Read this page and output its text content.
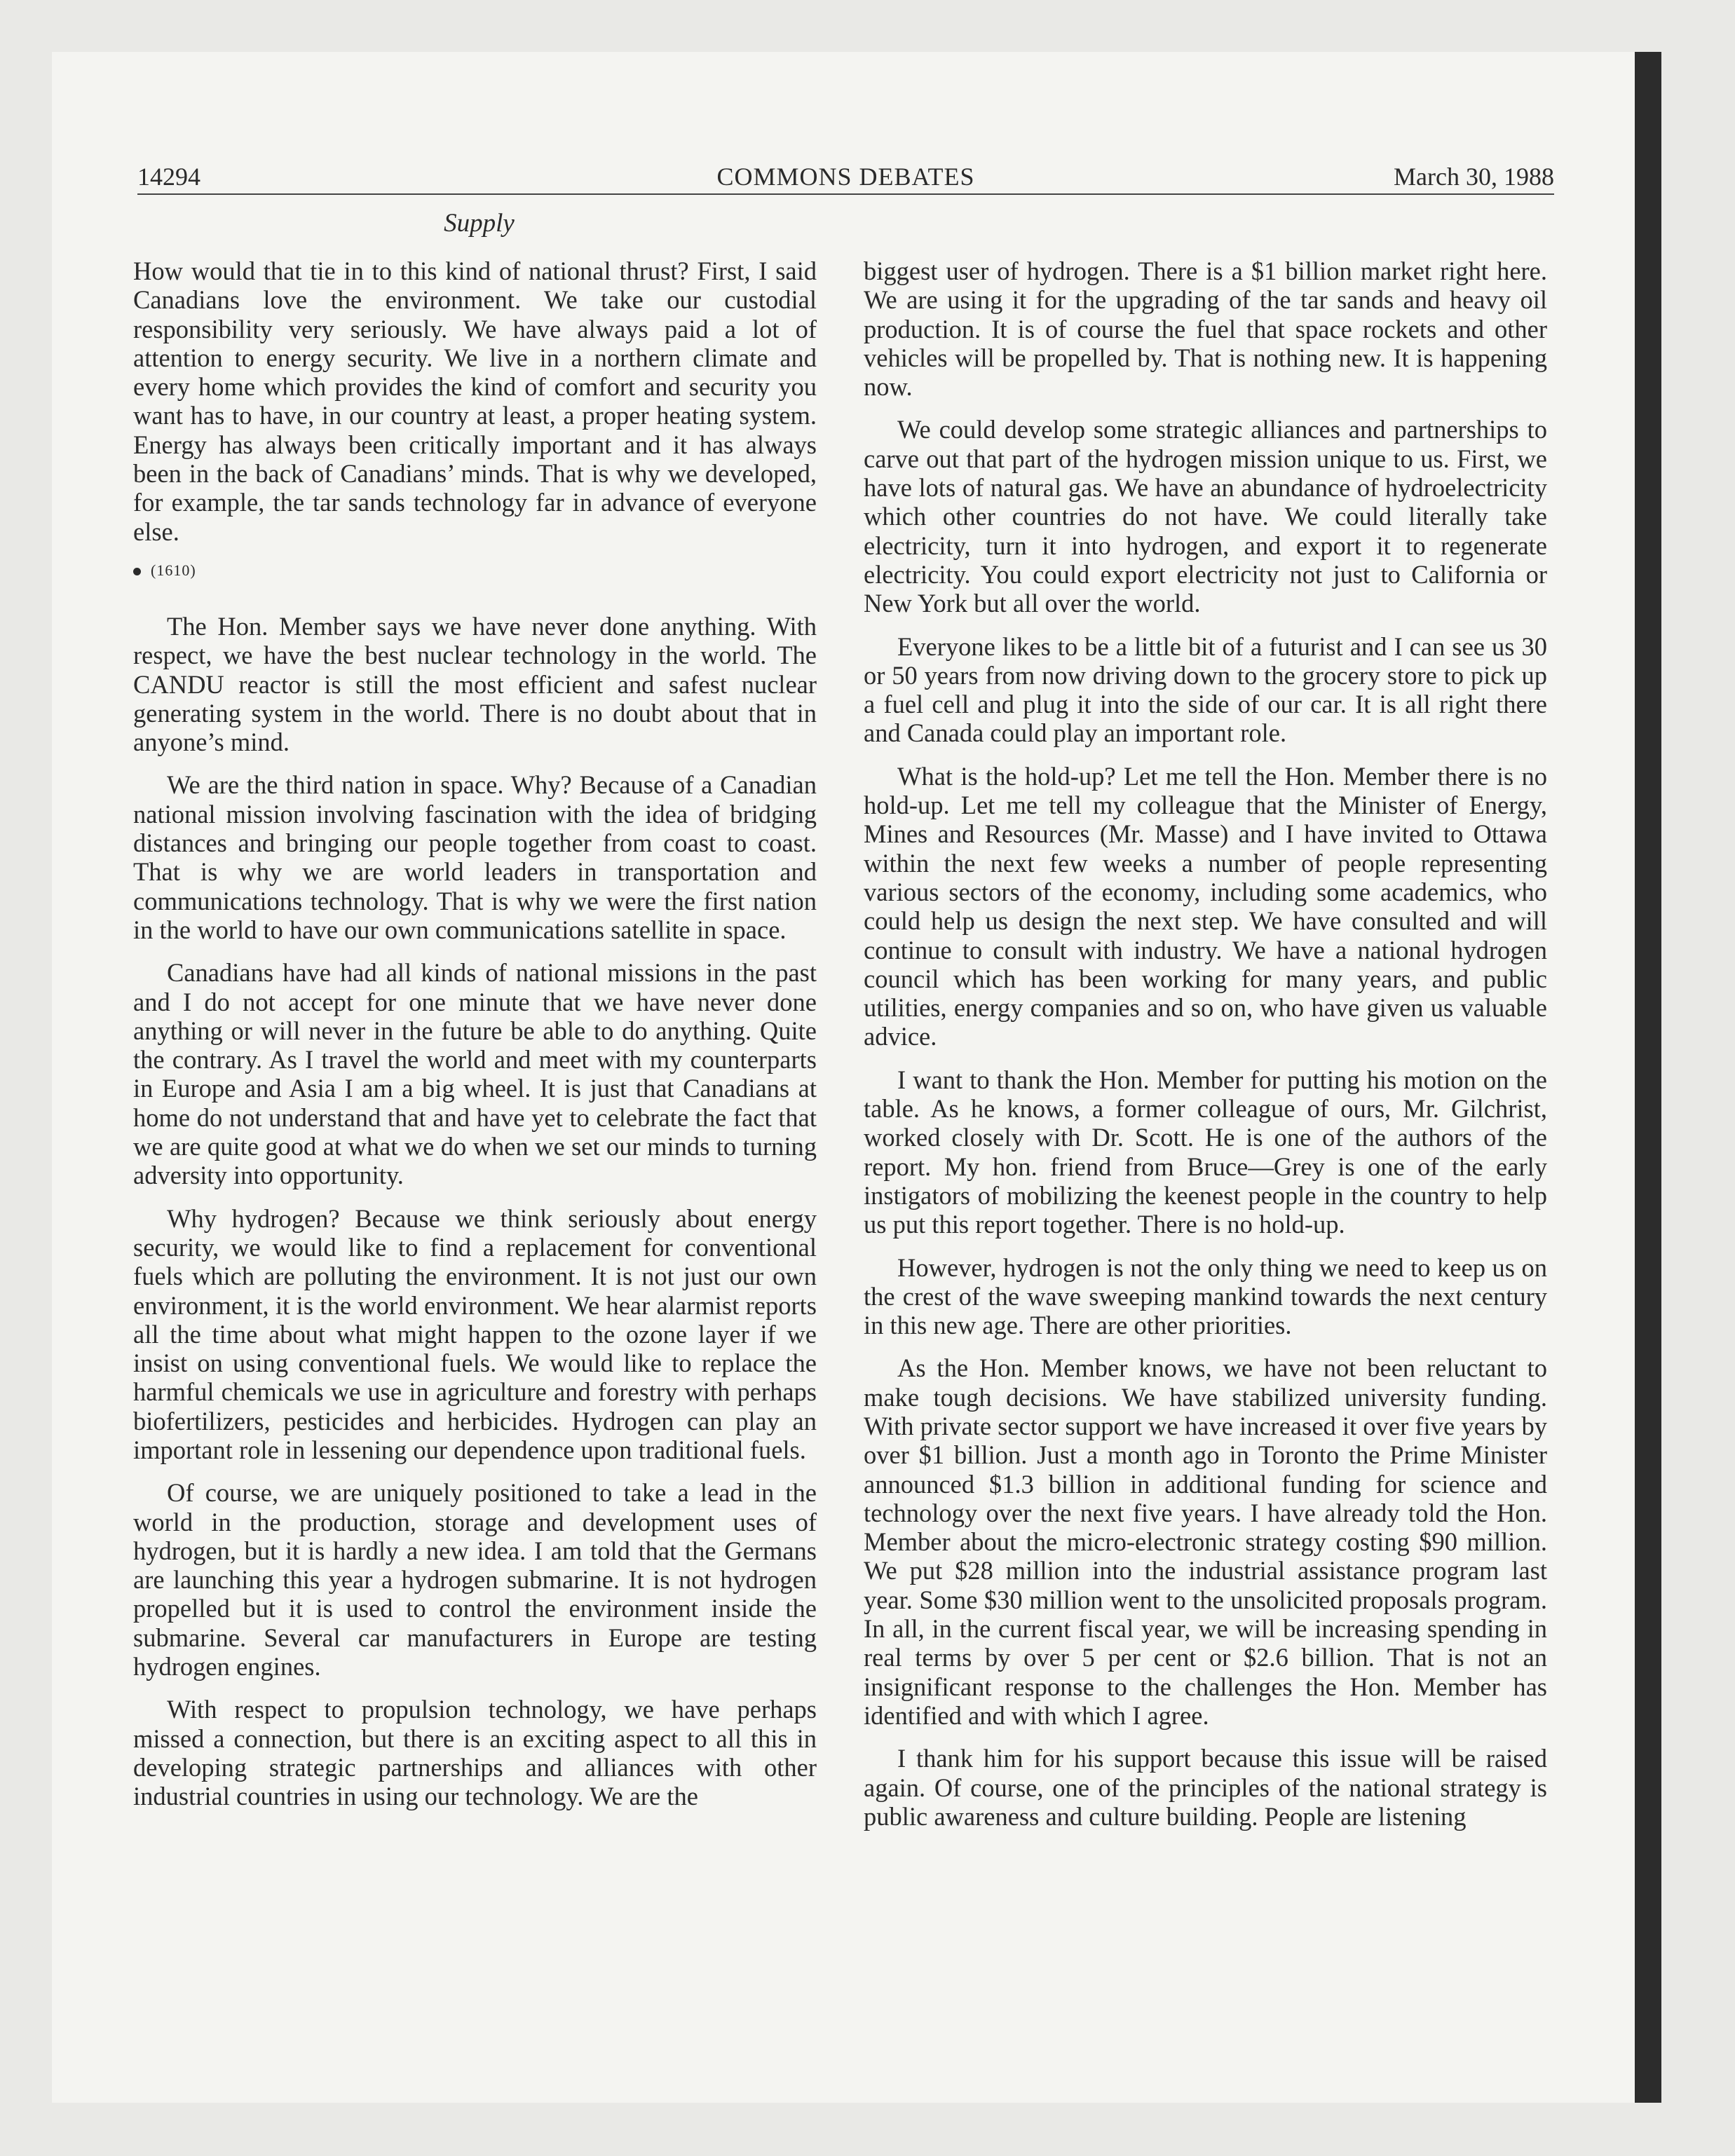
14294	COMMONS DEBATES	March 30, 1988
Supply

How would that tie in to this kind of national thrust? First, I said Canadians love the environment. We take our custodial responsibility very seriously. We have always paid a lot of attention to energy security. We live in a northern climate and every home which provides the kind of comfort and security you want has to have, in our country at least, a proper heating system. Energy has always been critically important and it has always been in the back of Canadians’ minds. That is why we developed, for example, the tar sands technology far in advance of everyone else.

(1610)

The Hon. Member says we have never done anything. With respect, we have the best nuclear technology in the world. The CANDU reactor is still the most efficient and safest nuclear generating system in the world. There is no doubt about that in anyone’s mind.

We are the third nation in space. Why? Because of a Canadian national mission involving fascination with the idea of bridging distances and bringing our people together from coast to coast. That is why we are world leaders in transportation and communications technology. That is why we were the first nation in the world to have our own communications satellite in space.

Canadians have had all kinds of national missions in the past and I do not accept for one minute that we have never done anything or will never in the future be able to do anything. Quite the contrary. As I travel the world and meet with my counterparts in Europe and Asia I am a big wheel. It is just that Canadians at home do not understand that and have yet to celebrate the fact that we are quite good at what we do when we set our minds to turning adversity into opportunity.

Why hydrogen? Because we think seriously about energy security, we would like to find a replacement for conventional fuels which are polluting the environment. It is not just our own environment, it is the world environment. We hear alarmist reports all the time about what might happen to the ozone layer if we insist on using conventional fuels. We would like to replace the harmful chemicals we use in agriculture and forestry with perhaps biofertilizers, pesticides and herbicides. Hydrogen can play an important role in lessening our dependence upon traditional fuels.

Of course, we are uniquely positioned to take a lead in the world in the production, storage and development uses of hydrogen, but it is hardly a new idea. I am told that the Germans are launching this year a hydrogen submarine. It is not hydrogen propelled but it is used to control the environment inside the submarine. Several car manufacturers in Europe are testing hydrogen engines.

With respect to propulsion technology, we have perhaps missed a connection, but there is an exciting aspect to all this in developing strategic partnerships and alliances with other industrial countries in using our technology. We are the

biggest user of hydrogen. There is a $1 billion market right here. We are using it for the upgrading of the tar sands and heavy oil production. It is of course the fuel that space rockets and other vehicles will be propelled by. That is nothing new. It is happening now.

We could develop some strategic alliances and partnerships to carve out that part of the hydrogen mission unique to us. First, we have lots of natural gas. We have an abundance of hydroelectricity which other countries do not have. We could literally take electricity, turn it into hydrogen, and export it to regenerate electricity. You could export electricity not just to California or New York but all over the world.

Everyone likes to be a little bit of a futurist and I can see us 30 or 50 years from now driving down to the grocery store to pick up a fuel cell and plug it into the side of our car. It is all right there and Canada could play an important role.

What is the hold-up? Let me tell the Hon. Member there is no hold-up. Let me tell my colleague that the Minister of Energy, Mines and Resources (Mr. Masse) and I have invited to Ottawa within the next few weeks a number of people representing various sectors of the economy, including some academics, who could help us design the next step. We have consulted and will continue to consult with industry. We have a national hydrogen council which has been working for many years, and public utilities, energy companies and so on, who have given us valuable advice.

I want to thank the Hon. Member for putting his motion on the table. As he knows, a former colleague of ours, Mr. Gilchrist, worked closely with Dr. Scott. He is one of the authors of the report. My hon. friend from Bruce—Grey is one of the early instigators of mobilizing the keenest people in the country to help us put this report together. There is no hold-up.

However, hydrogen is not the only thing we need to keep us on the crest of the wave sweeping mankind towards the next century in this new age. There are other priorities.

As the Hon. Member knows, we have not been reluctant to make tough decisions. We have stabilized university funding. With private sector support we have increased it over five years by over $1 billion. Just a month ago in Toronto the Prime Minister announced $1.3 billion in additional funding for science and technology over the next five years. I have already told the Hon. Member about the micro-electronic strategy costing $90 million. We put $28 million into the industrial assistance program last year. Some $30 million went to the unsolicited proposals program. In all, in the current fiscal year, we will be increasing spending in real terms by over 5 per cent or $2.6 billion. That is not an insignificant response to the challenges the Hon. Member has identified and with which I agree.

I thank him for his support because this issue will be raised again. Of course, one of the principles of the national strategy is public awareness and culture building. People are listening
